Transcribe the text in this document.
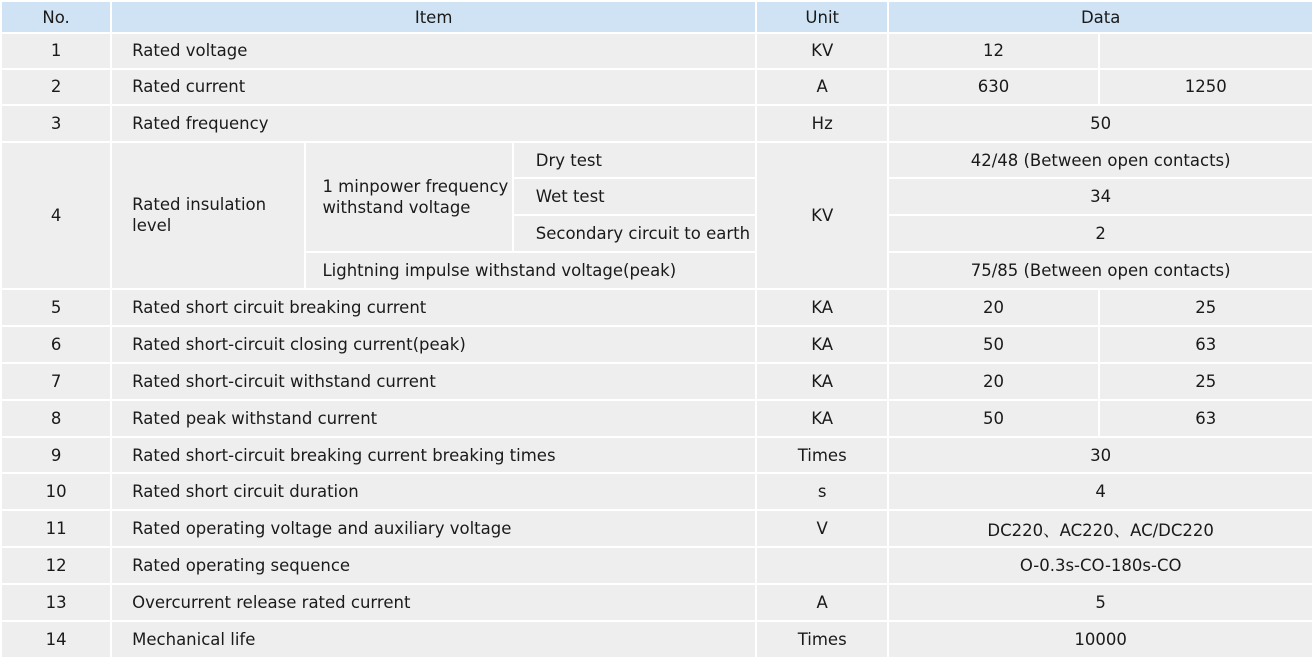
No.	Item			Unit	Data	
1	Rated voltage			KV	12	
2	Rated current			A	630	1250
3	Rated frequency			Hz	50	
4	Rated insulation level	1 minpower frequency withstand voltage	Dry test	KV	42/48 (Between open contacts)	
			Wet test		34	
			Secondary circuit to earth		2	
		Lightning impulse withstand voltage(peak)			75/85 (Between open contacts)	
5	Rated short circuit breaking current			KA	20	25
6	Rated short-circuit closing current(peak)			KA	50	63
7	Rated short-circuit withstand current			KA	20	25
8	Rated peak withstand current			KA	50	63
9	Rated short-circuit breaking current breaking times			Times	30	
10	Rated short circuit duration			s	4	
11	Rated operating voltage and auxiliary voltage			V	DC220、AC220、AC/DC220	
12	Rated operating sequence				O-0.3s-CO-180s-CO	
13	Overcurrent release rated current			A	5	
14	Mechanical life			Times	10000	
